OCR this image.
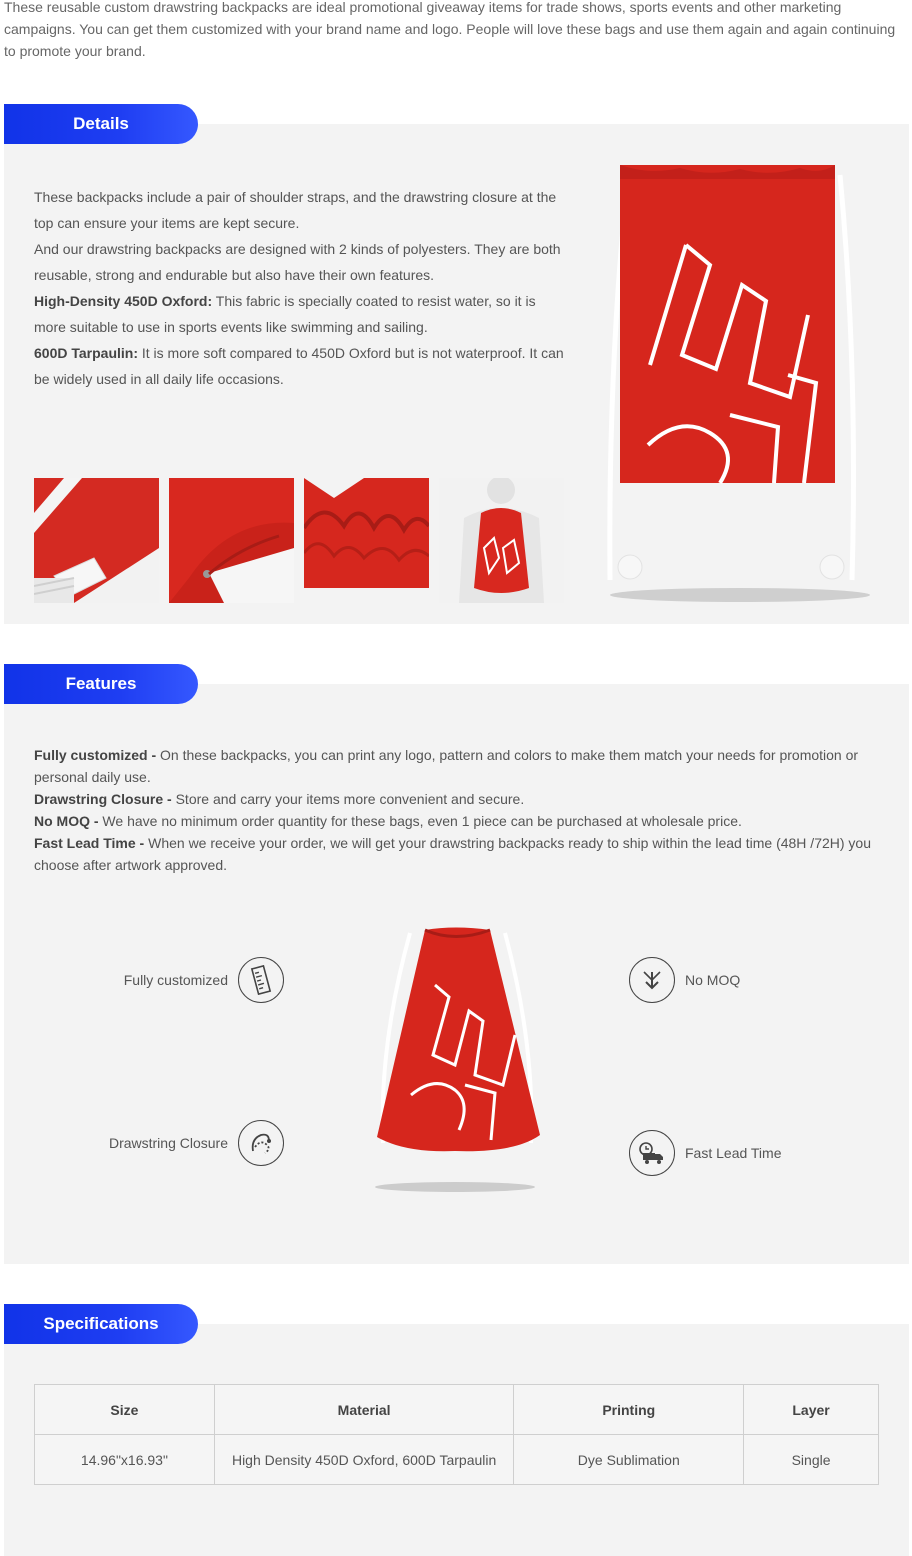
These reusable custom drawstring backpacks are ideal promotional giveaway items for trade shows, sports events and other marketing campaigns. You can get them customized with your brand name and logo. People will love these bags and use them again and again continuing to promote your brand.
Details

These backpacks include a pair of shoulder straps, and the drawstring closure at the top can ensure your items are kept secure.

And our drawstring backpacks are designed with 2 kinds of polyesters. They are both reusable, strong and endurable but also have their own features.

High-Density 450D Oxford: This fabric is specially coated to resist water, so it is more suitable to use in sports events like swimming and sailing.

600D Tarpaulin: It is more soft compared to 450D Oxford but is not waterproof. It can be widely used in all daily life occasions.

Features

Fully customized - On these backpacks, you can print any logo, pattern and colors to make them match your needs for promotion or personal daily use.

Drawstring Closure - Store and carry your items more convenient and secure.

No MOQ - We have no minimum order quantity for these bags, even 1 piece can be purchased at wholesale price.

Fast Lead Time - When we receive your order, we will get your drawstring backpacks ready to ship within the lead time (48H /72H) you choose after artwork approved.

Fully customized
Drawstring Closure
No MOQ
Fast Lead Time
Specifications
Size	Material	Printing	Layer
14.96"x16.93"	High Density 450D Oxford, 600D Tarpaulin	Dye Sublimation	Single
